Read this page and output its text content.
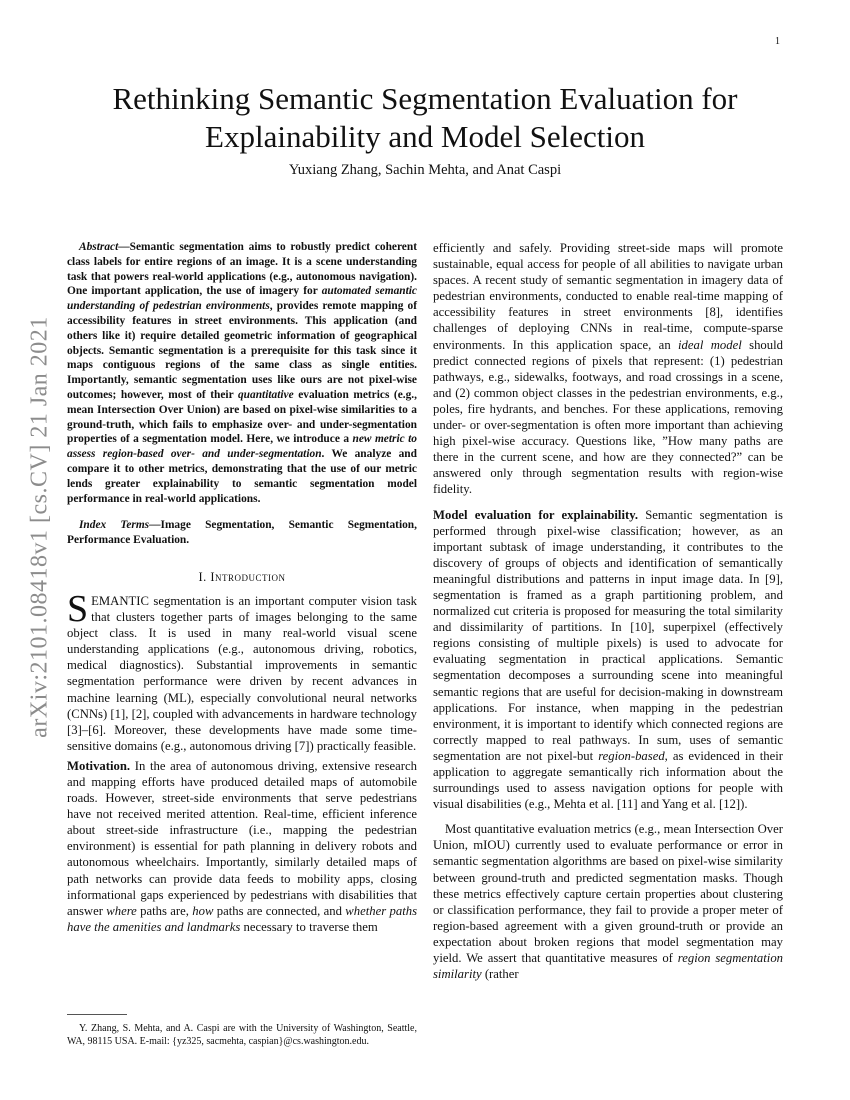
1
arXiv:2101.08418v1 [cs.CV] 21 Jan 2021
Rethinking Semantic Segmentation Evaluation for
Explainability and Model Selection
Yuxiang Zhang, Sachin Mehta, and Anat Caspi

Abstract—Semantic segmentation aims to robustly predict coherent class labels for entire regions of an image. It is a scene understanding task that powers real-world applications (e.g., autonomous navigation). One important application, the use of imagery for automated semantic understanding of pedestrian environments, provides remote mapping of accessibility features in street environments. This application (and others like it) require detailed geometric information of geographical objects. Semantic segmentation is a prerequisite for this task since it maps contiguous regions of the same class as single entities. Importantly, semantic segmentation uses like ours are not pixel-wise outcomes; however, most of their quantitative evaluation metrics (e.g., mean Intersection Over Union) are based on pixel-wise similarities to a ground-truth, which fails to emphasize over- and under-segmentation properties of a segmentation model. Here, we introduce a new metric to assess region-based over- and under-segmentation. We analyze and compare it to other metrics, demonstrating that the use of our metric lends greater explainability to semantic segmentation model performance in real-world applications.

Index Terms—Image Segmentation, Semantic Segmentation, Performance Evaluation.

I. Introduction

SEMANTIC segmentation is an important computer vision task that clusters together parts of images belonging to the same object class. It is used in many real-world visual scene understanding applications (e.g., autonomous driving, robotics, medical diagnostics). Substantial improvements in semantic segmentation performance were driven by recent advances in machine learning (ML), especially convolutional neural networks (CNNs) [1], [2], coupled with advancements in hardware technology [3]–[6]. Moreover, these developments have made some time-sensitive domains (e.g., autonomous driving [7]) practically feasible.

Motivation. In the area of autonomous driving, extensive research and mapping efforts have produced detailed maps of automobile roads. However, street-side environments that serve pedestrians have not received merited attention. Real-time, efficient inference about street-side infrastructure (i.e., mapping the pedestrian environment) is essential for path planning in delivery robots and autonomous wheelchairs. Importantly, similarly detailed maps of path networks can provide data feeds to mobility apps, closing informational gaps experienced by pedestrians with disabilities that answer where paths are, how paths are connected, and whether paths have the amenities and landmarks necessary to traverse them

Y. Zhang, S. Mehta, and A. Caspi are with the University of Washington, Seattle, WA, 98115 USA. E-mail: {yz325, sacmehta, caspian}@cs.washington.edu.

efficiently and safely. Providing street-side maps will promote sustainable, equal access for people of all abilities to navigate urban spaces. A recent study of semantic segmentation in imagery data of pedestrian environments, conducted to enable real-time mapping of accessibility features in street environments [8], identifies challenges of deploying CNNs in real-time, compute-sparse environments. In this application space, an ideal model should predict connected regions of pixels that represent: (1) pedestrian pathways, e.g., sidewalks, footways, and road crossings in a scene, and (2) common object classes in the pedestrian environments, e.g., poles, fire hydrants, and benches. For these applications, removing under- or over-segmentation is often more important than achieving high pixel-wise accuracy. Questions like, ”How many paths are there in the current scene, and how are they connected?” can be answered only through segmentation results with region-wise fidelity.

Model evaluation for explainability. Semantic segmentation is performed through pixel-wise classification; however, as an important subtask of image understanding, it contributes to the discovery of groups of objects and identification of semantically meaningful distributions and patterns in input image data. In [9], segmentation is framed as a graph partitioning problem, and normalized cut criteria is proposed for measuring the total similarity and dissimilarity of partitions. In [10], superpixel (effectively regions consisting of multiple pixels) is used to advocate for evaluating segmentation in practical applications. Semantic segmentation decomposes a surrounding scene into meaningful semantic regions that are useful for decision-making in downstream applications. For instance, when mapping in the pedestrian environment, it is important to identify which connected regions are correctly mapped to real pathways. In sum, uses of semantic segmentation are not pixel-but region-based, as evidenced in their application to aggregate semantically rich information about the surroundings used to assess navigation options for people with visual disabilities (e.g., Mehta et al. [11] and Yang et al. [12]).

Most quantitative evaluation metrics (e.g., mean Intersection Over Union, mIOU) currently used to evaluate performance or error in semantic segmentation algorithms are based on pixel-wise similarity between ground-truth and predicted segmentation masks. Though these metrics effectively capture certain properties about clustering or classification performance, they fail to provide a proper meter of region-based agreement with a given ground-truth or provide an expectation about broken regions that model segmentation may yield. We assert that quantitative measures of region segmentation similarity (rather
